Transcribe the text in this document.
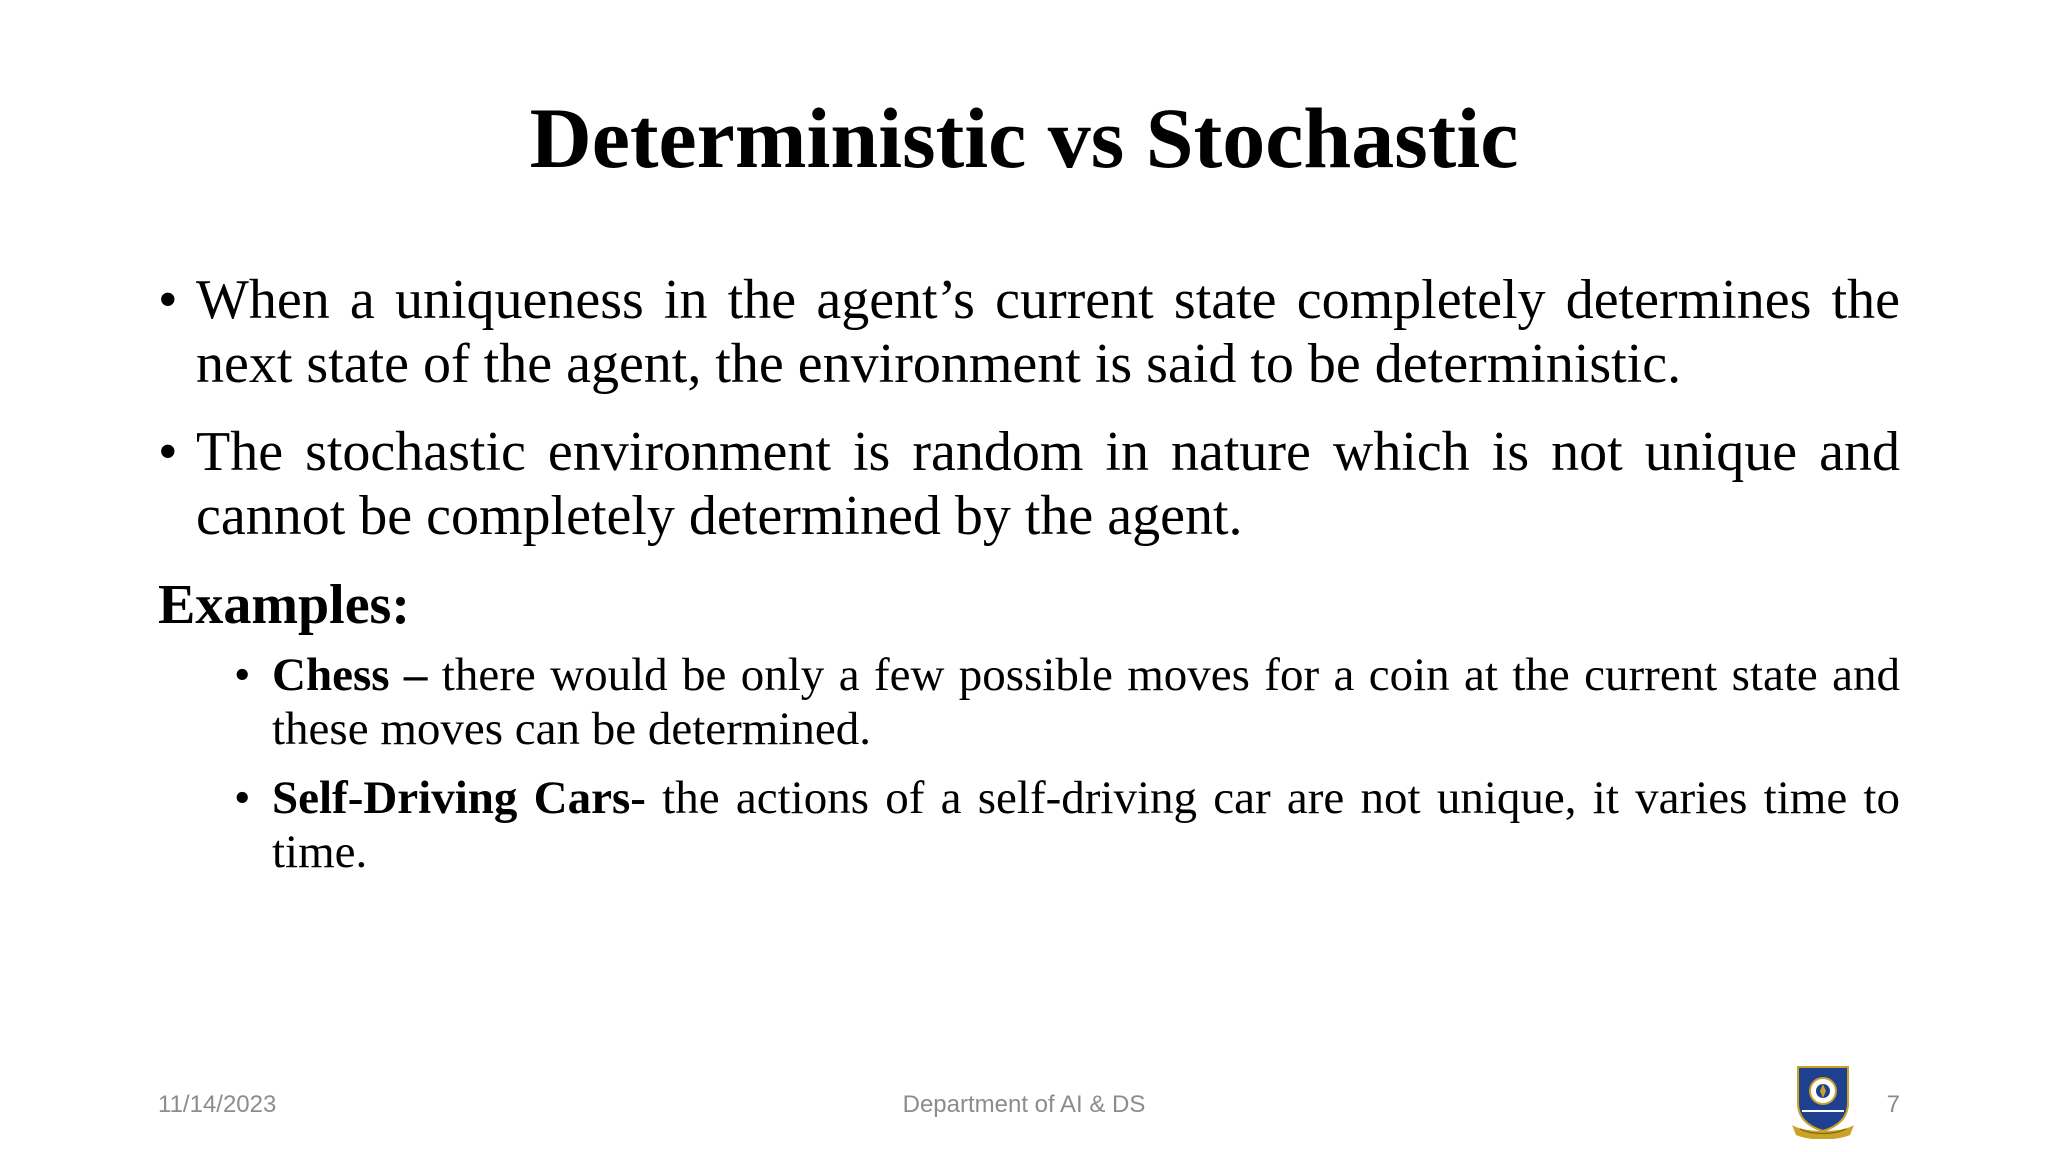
Deterministic vs Stochastic
• When a uniqueness in the agent’s current state completely determines the next state of the agent, the environment is said to be deterministic.
• The stochastic environment is random in nature which is not unique and cannot be completely determined by the agent.
Examples:
• Chess – there would be only a few possible moves for a coin at the current state and these moves can be determined.
• Self-Driving Cars- the actions of a self-driving car are not unique, it varies time to time.
11/14/2023	Department of AI & DS	7
